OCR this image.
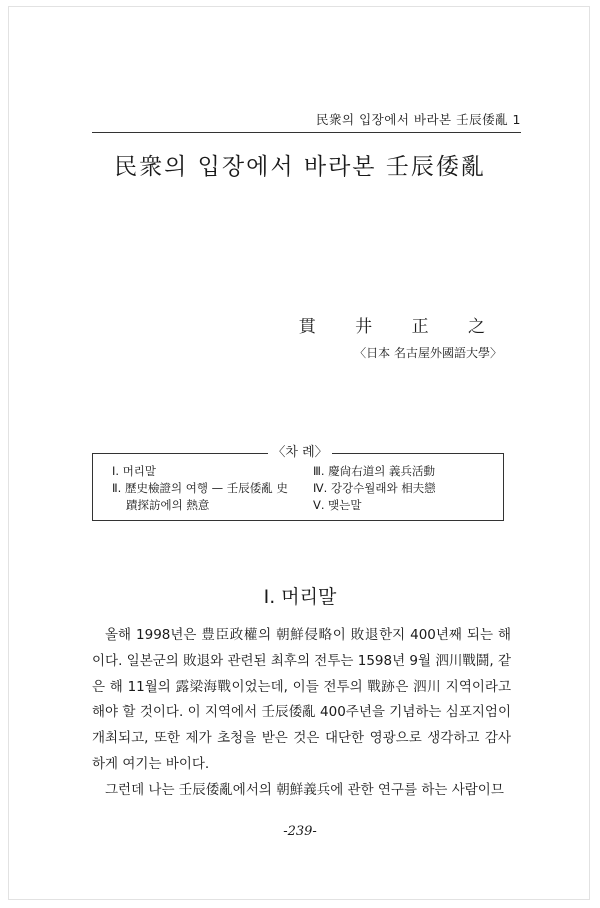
民衆의 입장에서 바라본 壬辰倭亂 1
民衆의 입장에서 바라본 壬辰倭亂
貫 井 正 之
〈日本 名古屋外國語大學〉
〈차 례〉
Ⅰ. 머리말
Ⅱ. 歷史檢證의 여행 — 壬辰倭亂 史
蹟探訪에의 熱意
Ⅲ. 慶尙右道의 義兵活動
Ⅳ. 강강수월래와 相夫戀
Ⅴ. 맺는말
Ⅰ. 머리말

올해 1998년은 豊臣政權의 朝鮮侵略이 敗退한지 400년째 되는 해이다. 일본군의 敗退와 관련된 최후의 전투는 1598년 9월 泗川戰鬪, 같은 해 11월의 露梁海戰이었는데, 이들 전투의 戰跡은 泗川 지역이라고 해야 할 것이다. 이 지역에서 壬辰倭亂 400주년을 기념하는 심포지엄이 개최되고, 또한 제가 초청을 받은 것은 대단한 영광으로 생각하고 감사하게 여기는 바이다.

그런데 나는 壬辰倭亂에서의 朝鮮義兵에 관한 연구를 하는 사람이므

-239-
